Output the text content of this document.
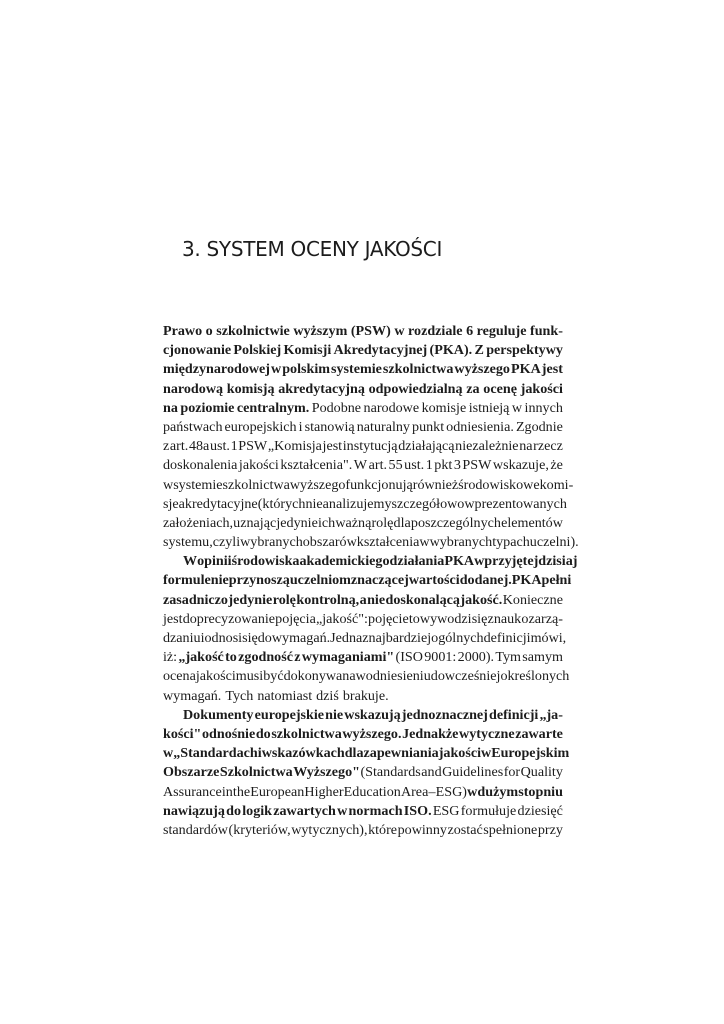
3. SYSTEM OCENY JAKOŚCI
Prawo o szkolnictwie wyższym (PSW) w rozdziale 6 reguluje funk-
cjonowanie Polskiej Komisji Akredytacyjnej (PKA). Z perspektywy
międzynarodowej w polskim systemie szkolnictwa wyższego PKA jest
narodową komisją akredytacyjną odpowiedzialną za ocenę jakości
na poziomie centralnym. Podobne narodowe komisje istnieją w innych
państwach europejskich i stanowią naturalny punkt odniesienia. Zgodnie
z art. 48a ust. 1 PSW „Komisja jest instytucją działającą niezależnie na rzecz
doskonalenia jakości kształcenia". W art. 55 ust. 1 pkt 3 PSW wskazuje, że
w systemie szkolnictwa wyższego funkcjonują również środowiskowe komi-
sje akredytacyjne (których nie analizujemy szczegółowo w prezentowanych
założeniach, uznając jedynie ich ważną rolę dla poszczególnych elementów
systemu, czyli wybranych obszarów kształcenia w wybranych typach uczelni).
W opinii środowiska akademickiego działania PKA w przyjętej dzisiaj
formule nie przynoszą uczelniom znaczącej wartości dodanej. PKA pełni
zasadniczo jedynie rolę kontrolną, a nie doskonalącą jakość. Konieczne
jest doprecyzowanie pojęcia „jakość": pojęcie to wywodzi się z nauk o zarzą-
dzaniu i odnosi się do wymagań. Jedna z najbardziej ogólnych definicji mówi,
iż: „jakość to zgodność z wymaganiami" (ISO 9001: 2000). Tym samym
ocena jakości musi być dokonywana w odniesieniu do wcześniej określonych
wymagań. Tych natomiast dziś brakuje.
Dokumenty europejskie nie wskazują jednoznacznej definicji „ja-
kości" odnośnie do szkolnictwa wyższego. Jednakże wytyczne zawarte
w „Standardach i wskazówkach dla zapewniania jakości w Europejskim
Obszarze Szkolnictwa Wyższego" (Standards and Guidelines for Quality
Assurance in the European Higher Education Area – ESG) w dużym stopniu
nawiązują do logik zawartych w normach ISO. ESG formułuje dziesięć
standardów (kryteriów, wytycznych), które powinny zostać spełnione przy
